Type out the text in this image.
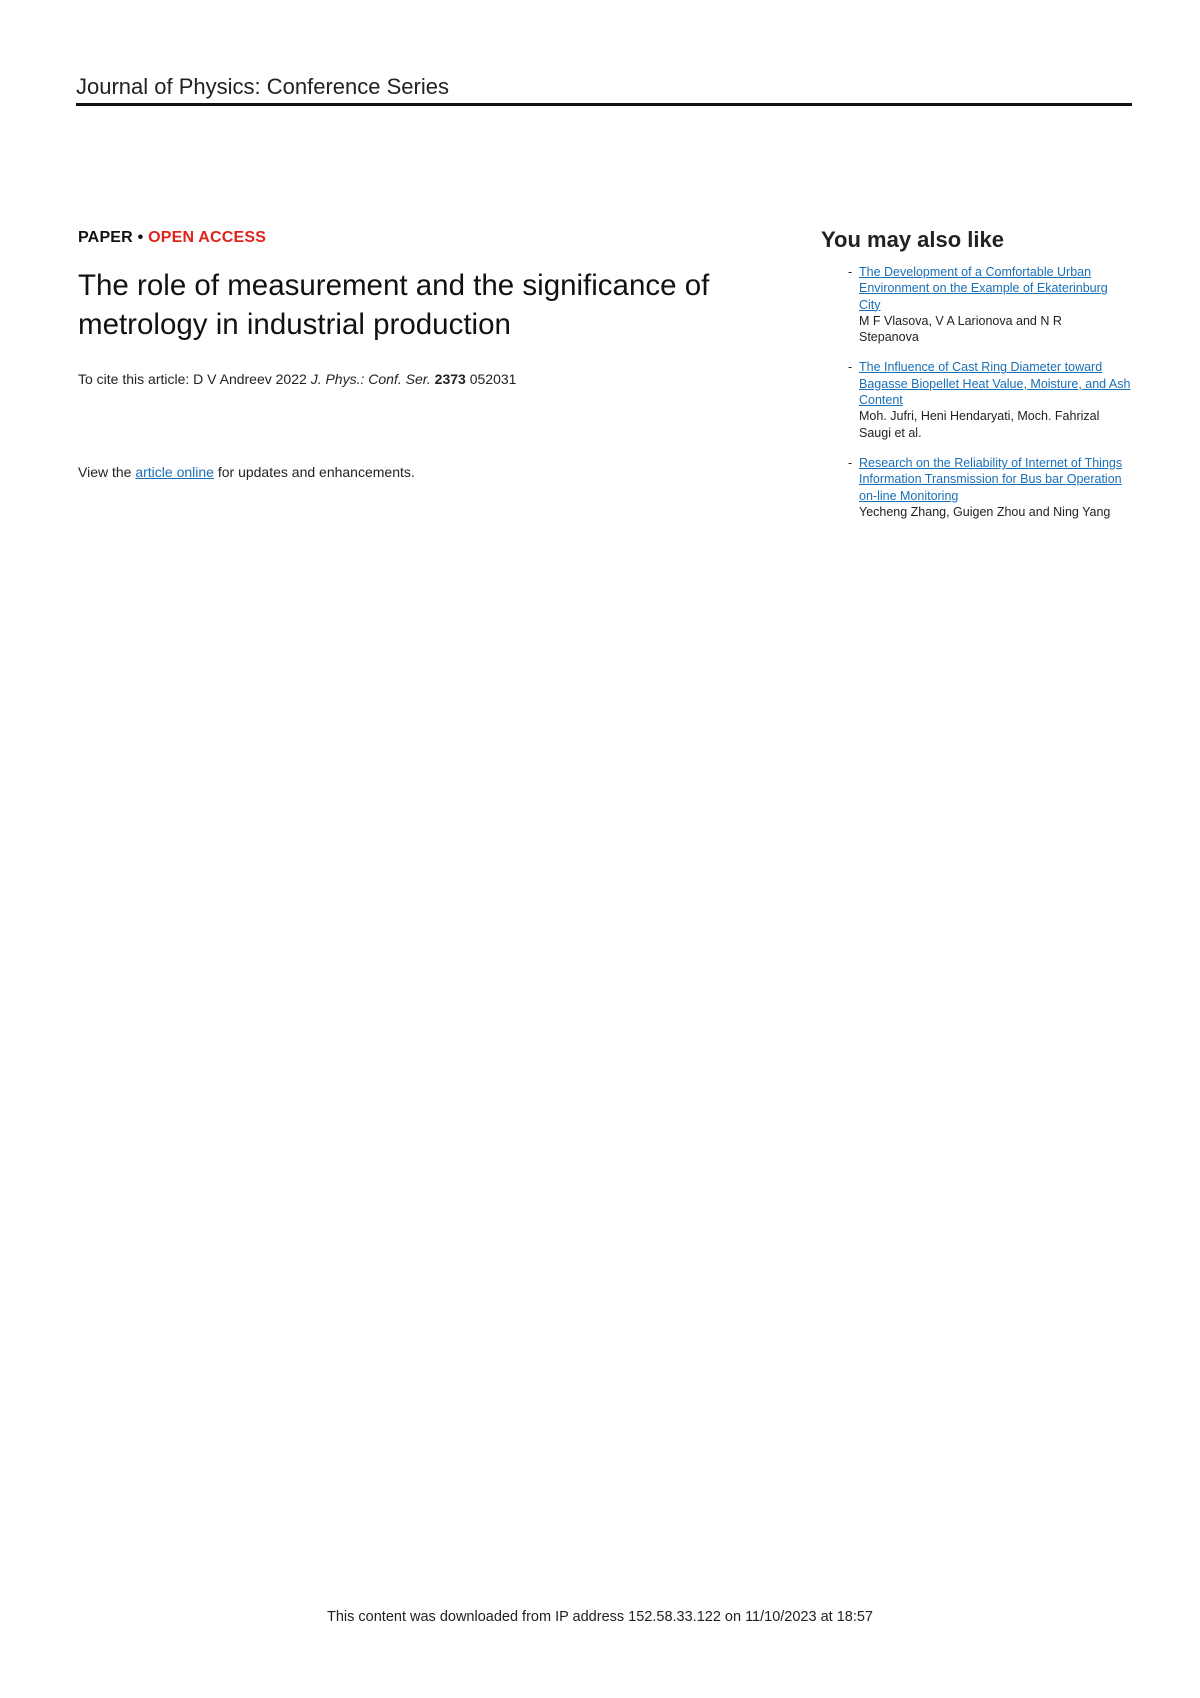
Journal of Physics: Conference Series
PAPER • OPEN ACCESS
The role of measurement and the significance of metrology in industrial production

To cite this article: D V Andreev 2022 J. Phys.: Conf. Ser. 2373 052031

View the article online for updates and enhancements.

You may also like
- The Development of a Comfortable Urban Environment on the Example of Ekaterinburg City
M F Vlasova, V A Larionova and N R Stepanova
- The Influence of Cast Ring Diameter toward Bagasse Biopellet Heat Value, Moisture, and Ash Content
Moh. Jufri, Heni Hendaryati, Moch. Fahrizal Saugi et al.
- Research on the Reliability of Internet of Things Information Transmission for Bus bar Operation on-line Monitoring
Yecheng Zhang, Guigen Zhou and Ning Yang
This content was downloaded from IP address 152.58.33.122 on 11/10/2023 at 18:57
